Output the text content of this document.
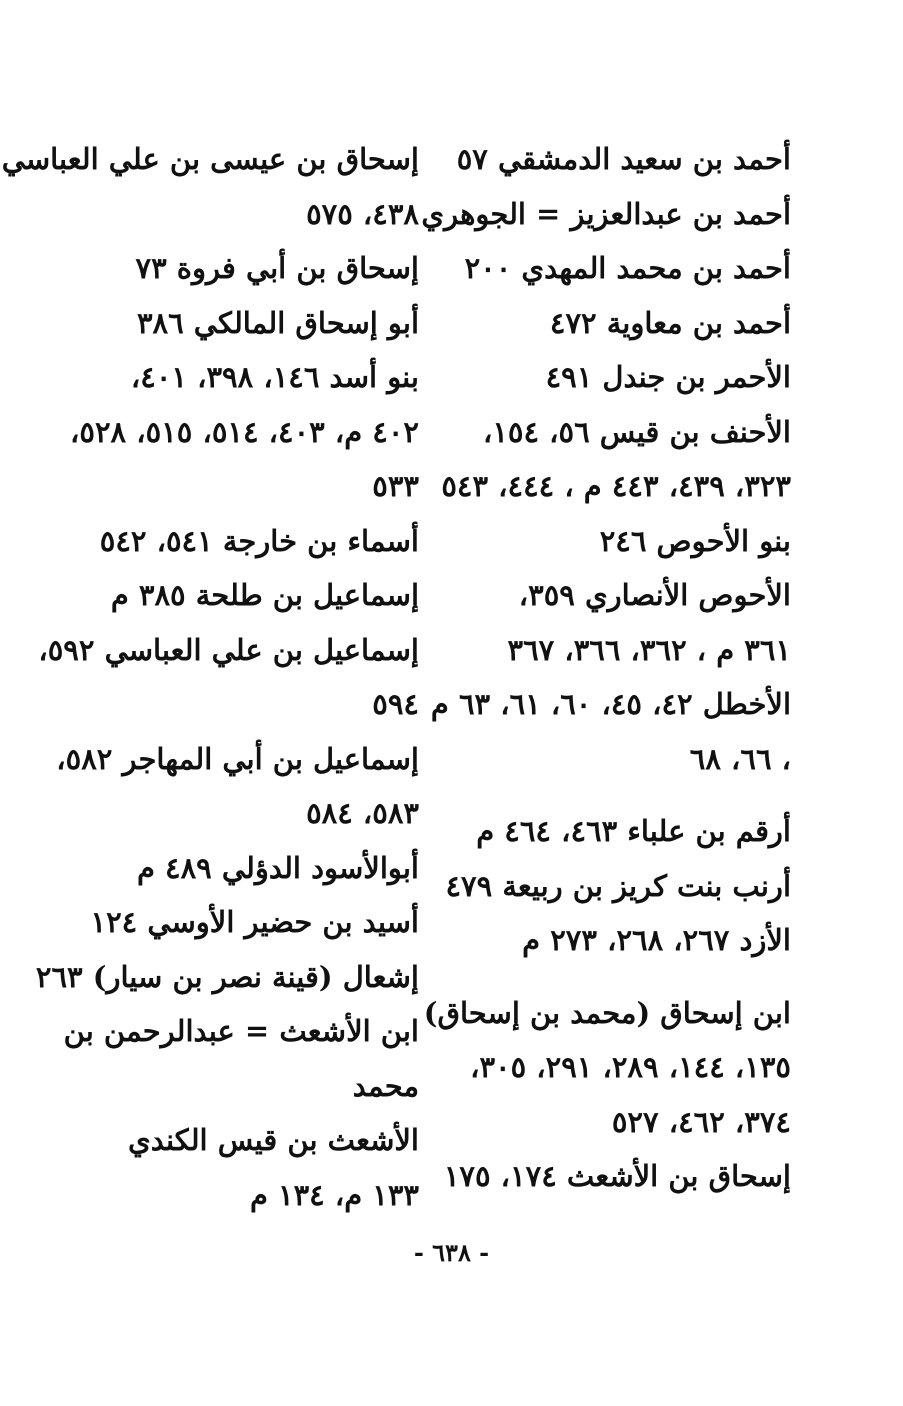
أحمد بن سعيد الدمشقي ٥٧
أحمد بن عبدالعزيز = الجوهري
أحمد بن محمد المهدي ٢٠٠
أحمد بن معاوية ٤٧٢
الأحمر بن جندل ٤٩١
الأحنف بن قيس ٥٦، ١٥٤،
٣٢٣، ٤٣٩، ٤٤٣ م ، ٤٤٤، ٥٤٣
بنو الأحوص ٢٤٦
الأحوص الأنصاري ٣٥٩،
٣٦١ م ، ٣٦٢، ٣٦٦، ٣٦٧
الأخطل ٤٢، ٤٥، ٦٠، ٦١، ٦٣ م
، ٦٦، ٦٨
أرقم بن علباء ٤٦٣، ٤٦٤ م
أرنب بنت كريز بن ربيعة ٤٧٩
الأزد ٢٦٧، ٢٦٨، ٢٧٣ م
ابن إسحاق (محمد بن إسحاق)
١٣٥، ١٤٤، ٢٨٩، ٢٩١، ٣٠٥،
٣٧٤، ٤٦٢، ٥٢٧
إسحاق بن الأشعث ١٧٤، ١٧٥
إسحاق بن عيسى بن علي العباسي
٤٣٨، ٥٧٥
إسحاق بن أبي فروة ٧٣
أبو إسحاق المالكي ٣٨٦
بنو أسد ١٤٦، ٣٩٨، ٤٠١،
٤٠٢ م، ٤٠٣، ٥١٤، ٥١٥، ٥٢٨،
٥٣٣
أسماء بن خارجة ٥٤١، ٥٤٢
إسماعيل بن طلحة ٣٨٥ م
إسماعيل بن علي العباسي ٥٩٢،
٥٩٤
إسماعيل بن أبي المهاجر ٥٨٢،
٥٨٣، ٥٨٤
أبوالأسود الدؤلي ٤٨٩ م
أسيد بن حضير الأوسي ١٢٤
إشعال (قينة نصر بن سيار) ٢٦٣
ابن الأشعث = عبدالرحمن بن
محمد
الأشعث بن قيس الكندي
١٣٣ م، ١٣٤ م
- ٦٣٨ -
